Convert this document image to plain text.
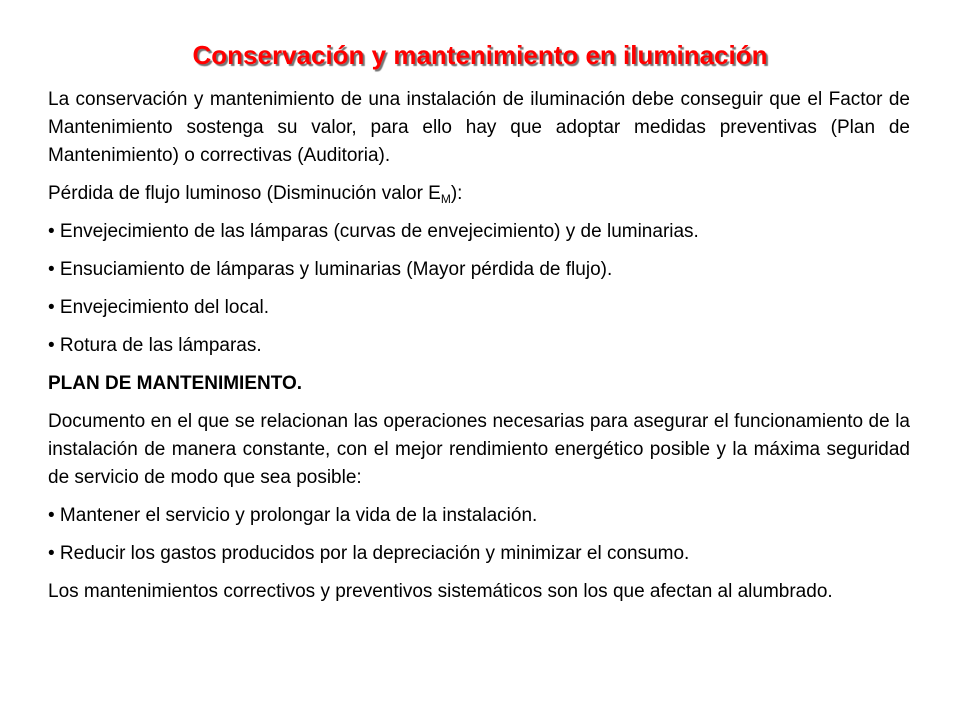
Conservación y mantenimiento en iluminación

La conservación y mantenimiento de una instalación de iluminación debe conseguir que el Factor de Mantenimiento sostenga su valor, para ello hay que adoptar medidas preventivas (Plan de Mantenimiento) o correctivas (Auditoria).

Pérdida de flujo luminoso (Disminución valor $E_M$):

• Envejecimiento de las lámparas (curvas de envejecimiento) y de luminarias.

• Ensuciamiento de lámparas y luminarias (Mayor pérdida de flujo).

• Envejecimiento del local.

• Rotura de las lámparas.

PLAN DE MANTENIMIENTO.

Documento en el que se relacionan las operaciones necesarias para asegurar el funcionamiento de la instalación de manera constante, con el mejor rendimiento energético posible y la máxima seguridad de servicio de modo que sea posible:

• Mantener el servicio y prolongar la vida de la instalación.

• Reducir los gastos producidos por la depreciación y minimizar el consumo.

Los mantenimientos correctivos y preventivos sistemáticos son los que afectan al alumbrado.
